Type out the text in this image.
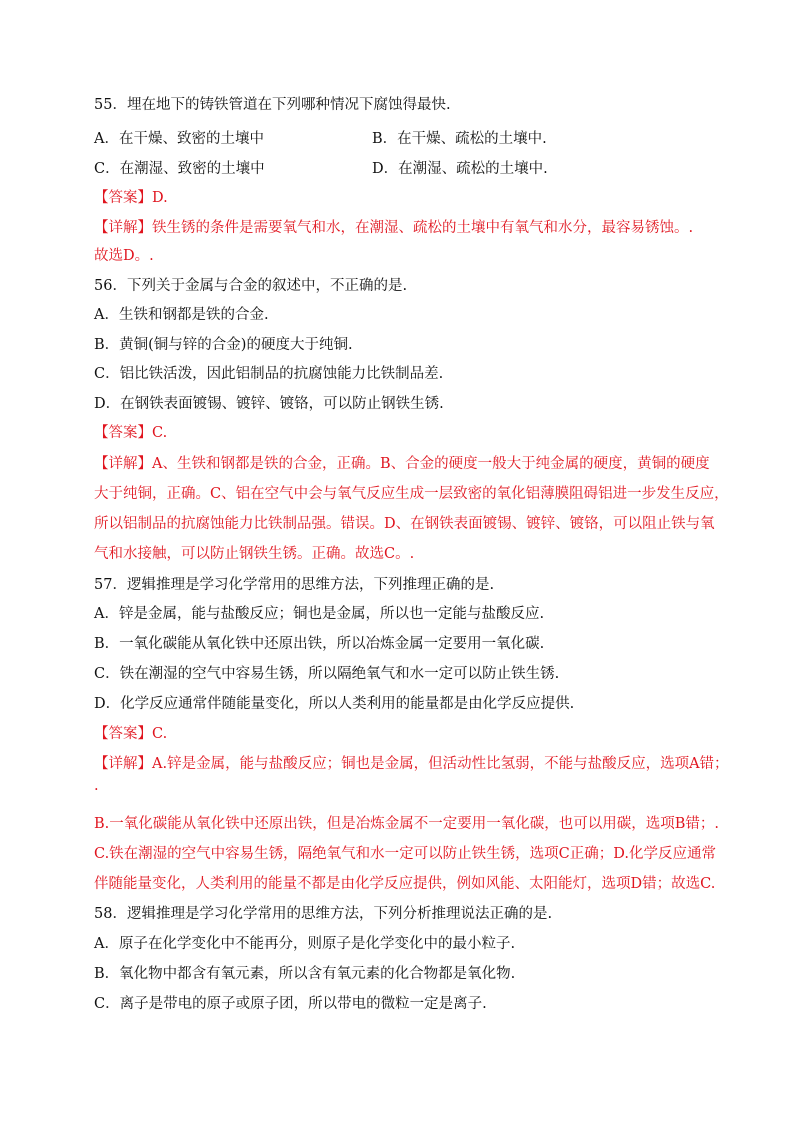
55．埋在地下的铸铁管道在下列哪种情况下腐蚀得最快.
A．在干燥、致密的土壤中	B．在干燥、疏松的土壤中.
C．在潮湿、致密的土壤中	D．在潮湿、疏松的土壤中.
【答案】D.
【详解】铁生锈的条件是需要氧气和水，在潮湿、疏松的土壤中有氧气和水分，最容易锈蚀。.
故选D。.
56．下列关于金属与合金的叙述中，不正确的是.
A．生铁和钢都是铁的合金.
B．黄铜(铜与锌的合金)的硬度大于纯铜.
C．铝比铁活泼，因此铝制品的抗腐蚀能力比铁制品差.
D．在钢铁表面镀锡、镀锌、镀铬，可以防止钢铁生锈.
【答案】C.
【详解】A、生铁和钢都是铁的合金，正确。B、合金的硬度一般大于纯金属的硬度，黄铜的硬度
大于纯铜，正确。C、铝在空气中会与氧气反应生成一层致密的氧化铝薄膜阻碍铝进一步发生反应，
所以铝制品的抗腐蚀能力比铁制品强。错误。D、在钢铁表面镀锡、镀锌、镀铬，可以阻止铁与氧
气和水接触，可以防止钢铁生锈。正确。故选C。.
57．逻辑推理是学习化学常用的思维方法，下列推理正确的是.
A．锌是金属，能与盐酸反应；铜也是金属，所以也一定能与盐酸反应.
B．一氧化碳能从氧化铁中还原出铁，所以冶炼金属一定要用一氧化碳.
C．铁在潮湿的空气中容易生锈，所以隔绝氧气和水一定可以防止铁生锈.
D．化学反应通常伴随能量变化，所以人类利用的能量都是由化学反应提供.
【答案】C.
【详解】A.锌是金属，能与盐酸反应；铜也是金属，但活动性比氢弱，不能与盐酸反应，选项A错；
.
B.一氧化碳能从氧化铁中还原出铁，但是冶炼金属不一定要用一氧化碳，也可以用碳，选项B错；.
C.铁在潮湿的空气中容易生锈，隔绝氧气和水一定可以防止铁生锈，选项C正确；D.化学反应通常
伴随能量变化，人类利用的能量不都是由化学反应提供，例如风能、太阳能灯，选项D错；故选C.
58．逻辑推理是学习化学常用的思维方法，下列分析推理说法正确的是.
A．原子在化学变化中不能再分，则原子是化学变化中的最小粒子.
B．氧化物中都含有氧元素，所以含有氧元素的化合物都是氧化物.
C．离子是带电的原子或原子团，所以带电的微粒一定是离子.
